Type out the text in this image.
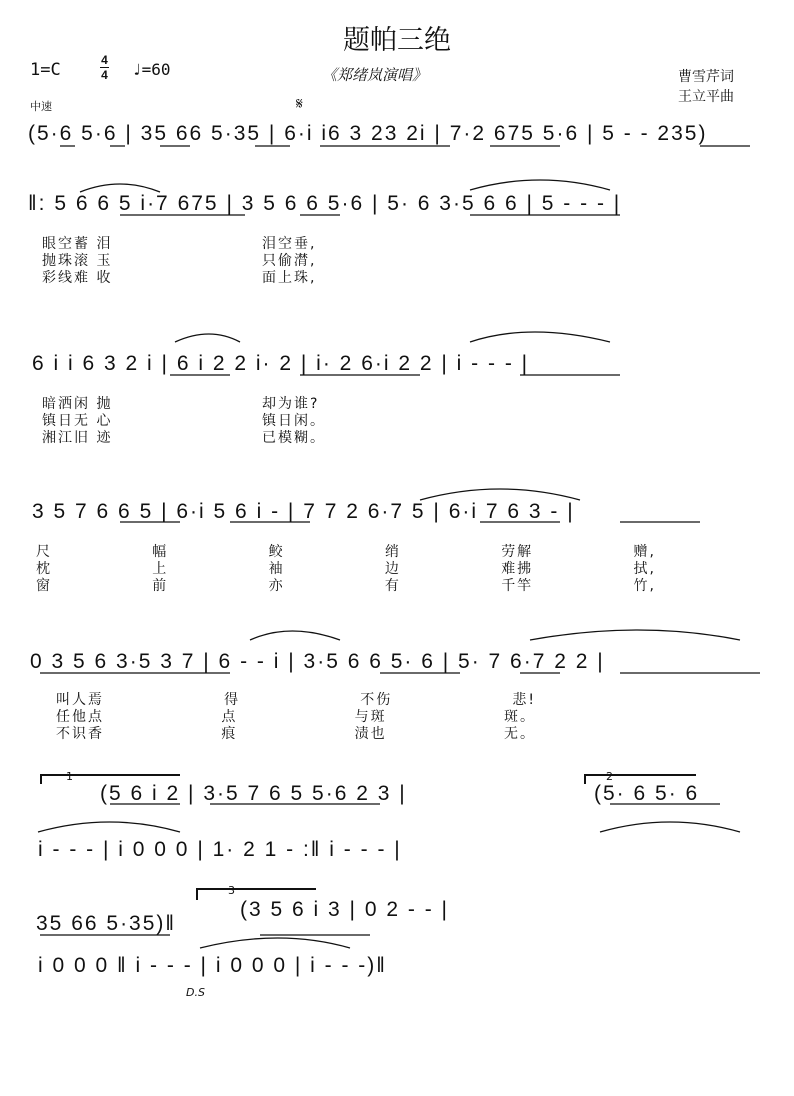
题帕三绝
1=C	4
4 ♩=60	《郑绪岚演唱》	曹雪芹词
王立平曲
中速	𝄋
(5·6 5·6 | 35 66 5·35 | 6·i i6 3 23 2i | 7·2 675 5·6 | 5 - - 235)
‖: 5 6 6 5 i·7 675 | 3 5 6 6 5·6 | 5· 6 3·5 6 6 | 5 - - - |
眼空蓄 泪
抛珠滚 玉
彩线难 收
泪空垂,
只偷潸,
面上珠,
6 i i 6 3 2 i | 6 i 2 2 i· 2 | i· 2 6·i 2 2 | i - - - |
暗洒闲 抛
镇日无 心
湘江旧 迹
却为谁?
镇日闲。
已模糊。
3 5 7 6 6 5 | 6·i 5 6 i - | 7 7 2 6·7 5 | 6·i 7 6 3 - |
尺	幅	鲛	绡	劳解	赠,
枕	上	袖	边	难拂	拭,
窗	前	亦	有	千竿	竹,
0 3 5 6 3·5 3 7 | 6 - - i | 3·5 6 6 5· 6 | 5· 7 6·7 2 2 |
叫人焉	得	不伤	悲!
任他点	点	与斑	斑。
不识香	痕	渍也	无。
1	2
(5 6 i 2 | 3·5 7 6 5 5·6 2 3 |	(5· 6 5· 6
i - - - | i 0 0 0 | 1· 2 1 - :‖ i - - - |
3
35 66 5·35)‖
(3 5 6 i 3 | 0 2 - - |
i 0 0 0 ‖ i - - - | i 0 0 0 | i - - -)‖
D.S
